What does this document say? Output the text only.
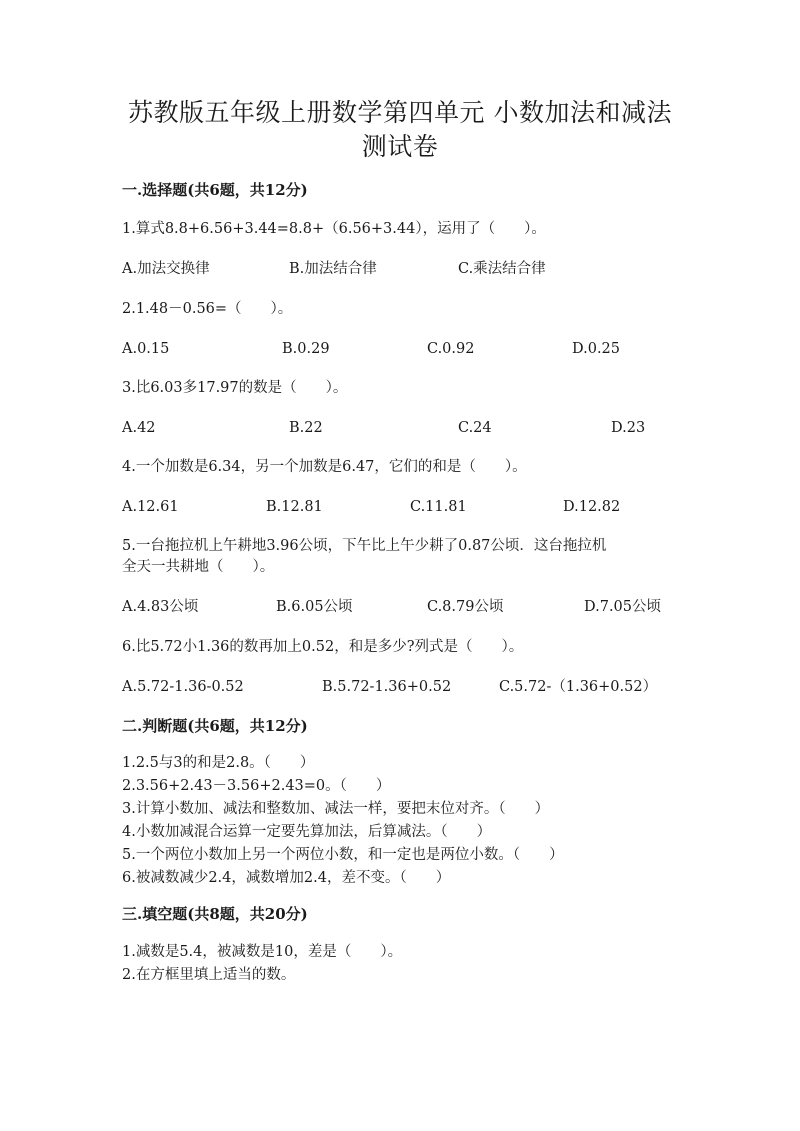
苏教版五年级上册数学第四单元 小数加法和减法
测试卷
一.选择题(共6题，共12分)
1.算式8.8+6.56+3.44=8.8+（6.56+3.44），运用了（　　）。
A.加法交换律	B.加法结合律	C.乘法结合律
2.1.48－0.56=（　　）。
A.0.15	B.0.29	C.0.92	D.0.25
3.比6.03多17.97的数是（　　）。
A.42	B.22	C.24	D.23
4.一个加数是6.34，另一个加数是6.47，它们的和是（　　）。
A.12.61	B.12.81	C.11.81	D.12.82
5.一台拖拉机上午耕地3.96公顷，下午比上午少耕了0.87公顷．这台拖拉机
全天一共耕地（　　）。
A.4.83公顷	B.6.05公顷	C.8.79公顷	D.7.05公顷
6.比5.72小1.36的数再加上0.52，和是多少?列式是（　　）。
A.5.72-1.36-0.52	B.5.72-1.36+0.52	C.5.72-（1.36+0.52）
二.判断题(共6题，共12分)
1.2.5与3的和是2.8。（　　）
2.3.56+2.43－3.56+2.43=0。（　　）
3.计算小数加、减法和整数加、减法一样，要把末位对齐。（　　）
4.小数加减混合运算一定要先算加法，后算减法。（　　）
5.一个两位小数加上另一个两位小数，和一定也是两位小数。（　　）
6.被减数减少2.4，减数增加2.4，差不变。（　　）
三.填空题(共8题，共20分)
1.减数是5.4，被减数是10，差是（　　）。
2.在方框里填上适当的数。
